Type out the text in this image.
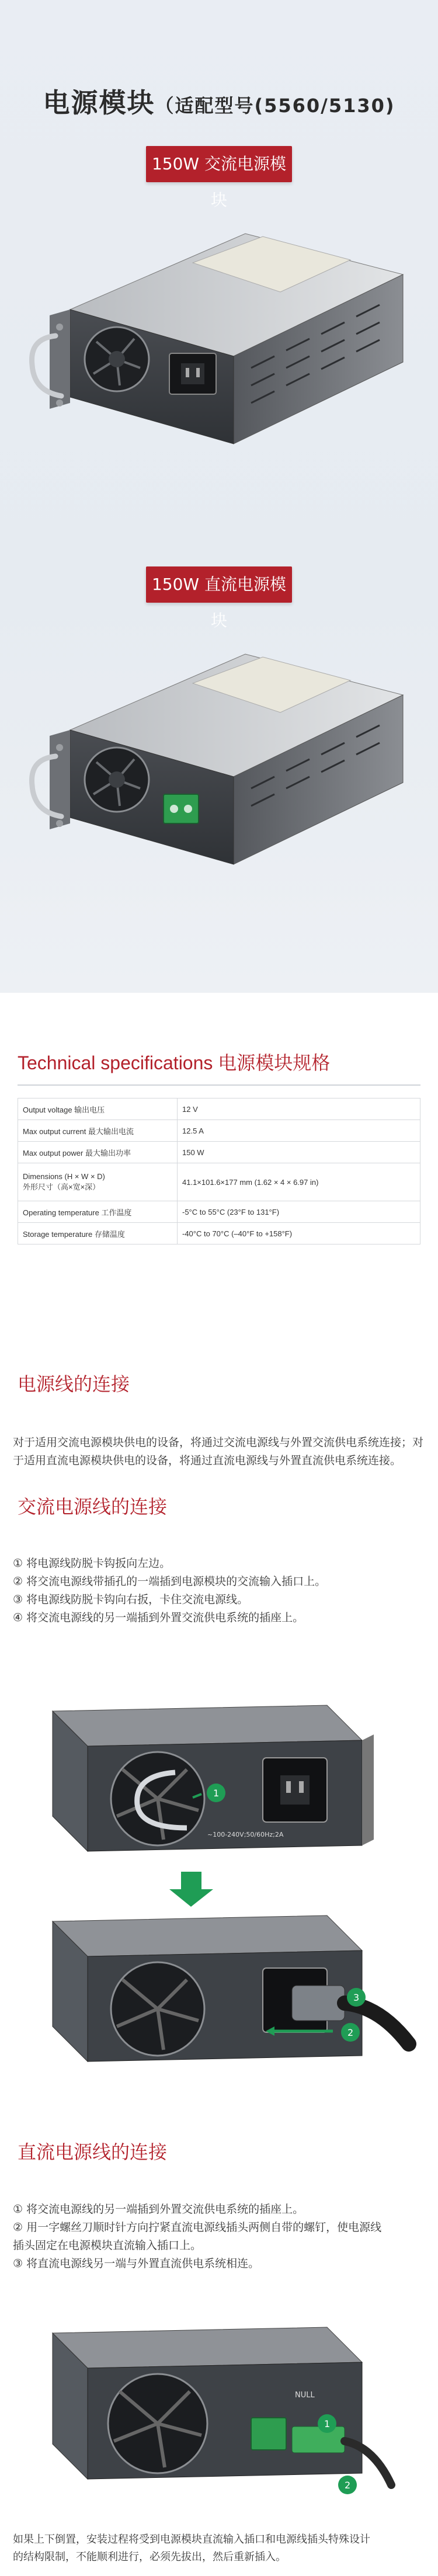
电源模块（适配型号(5560/5130)
150W 交流电源模块
150W 直流电源模块
Technical specifications 电源模块规格
Output voltage 输出电压	12 V
Max output current 最大输出电流	12.5 A
Max output power 最大输出功率	150 W

Dimensions (H × W × D)
外形尺寸（高×宽×深）	41.1×101.6×177 mm (1.62 × 4 × 6.97 in)
Operating temperature 工作温度	-5°C to 55°C (23°F to 131°F)
Storage temperature 存储温度	-40°C to 70°C (–40°F to +158°F)
电源线的连接
对于适用交流电源模块供电的设备，将通过交流电源线与外置交流供电系统连接；对于适用直流电源模块供电的设备，将通过直流电源线与外置直流供电系统连接。
交流电源线的连接
① 将电源线防脱卡钩扳向左边。
② 将交流电源线带插孔的一端插到电源模块的交流输入插口上。
③ 将电源线防脱卡钩向右扳，卡住交流电源线。
④ 将交流电源线的另一端插到外置交流供电系统的插座上。
~100-240V;50/60Hz;2A
1
3
2
直流电源线的连接
① 将交流电源线的另一端插到外置交流供电系统的插座上。
② 用一字螺丝刀顺时针方向拧紧直流电源线插头两侧自带的螺钉，使电源线
插头固定在电源模块直流输入插口上。
③ 将直流电源线另一端与外置直流供电系统相连。
NULL
1
2
如果上下倒置，安装过程将受到电源模块直流输入插口和电源线插头特殊设计
的结构限制，不能顺利进行，必须先拔出，然后重新插入。
